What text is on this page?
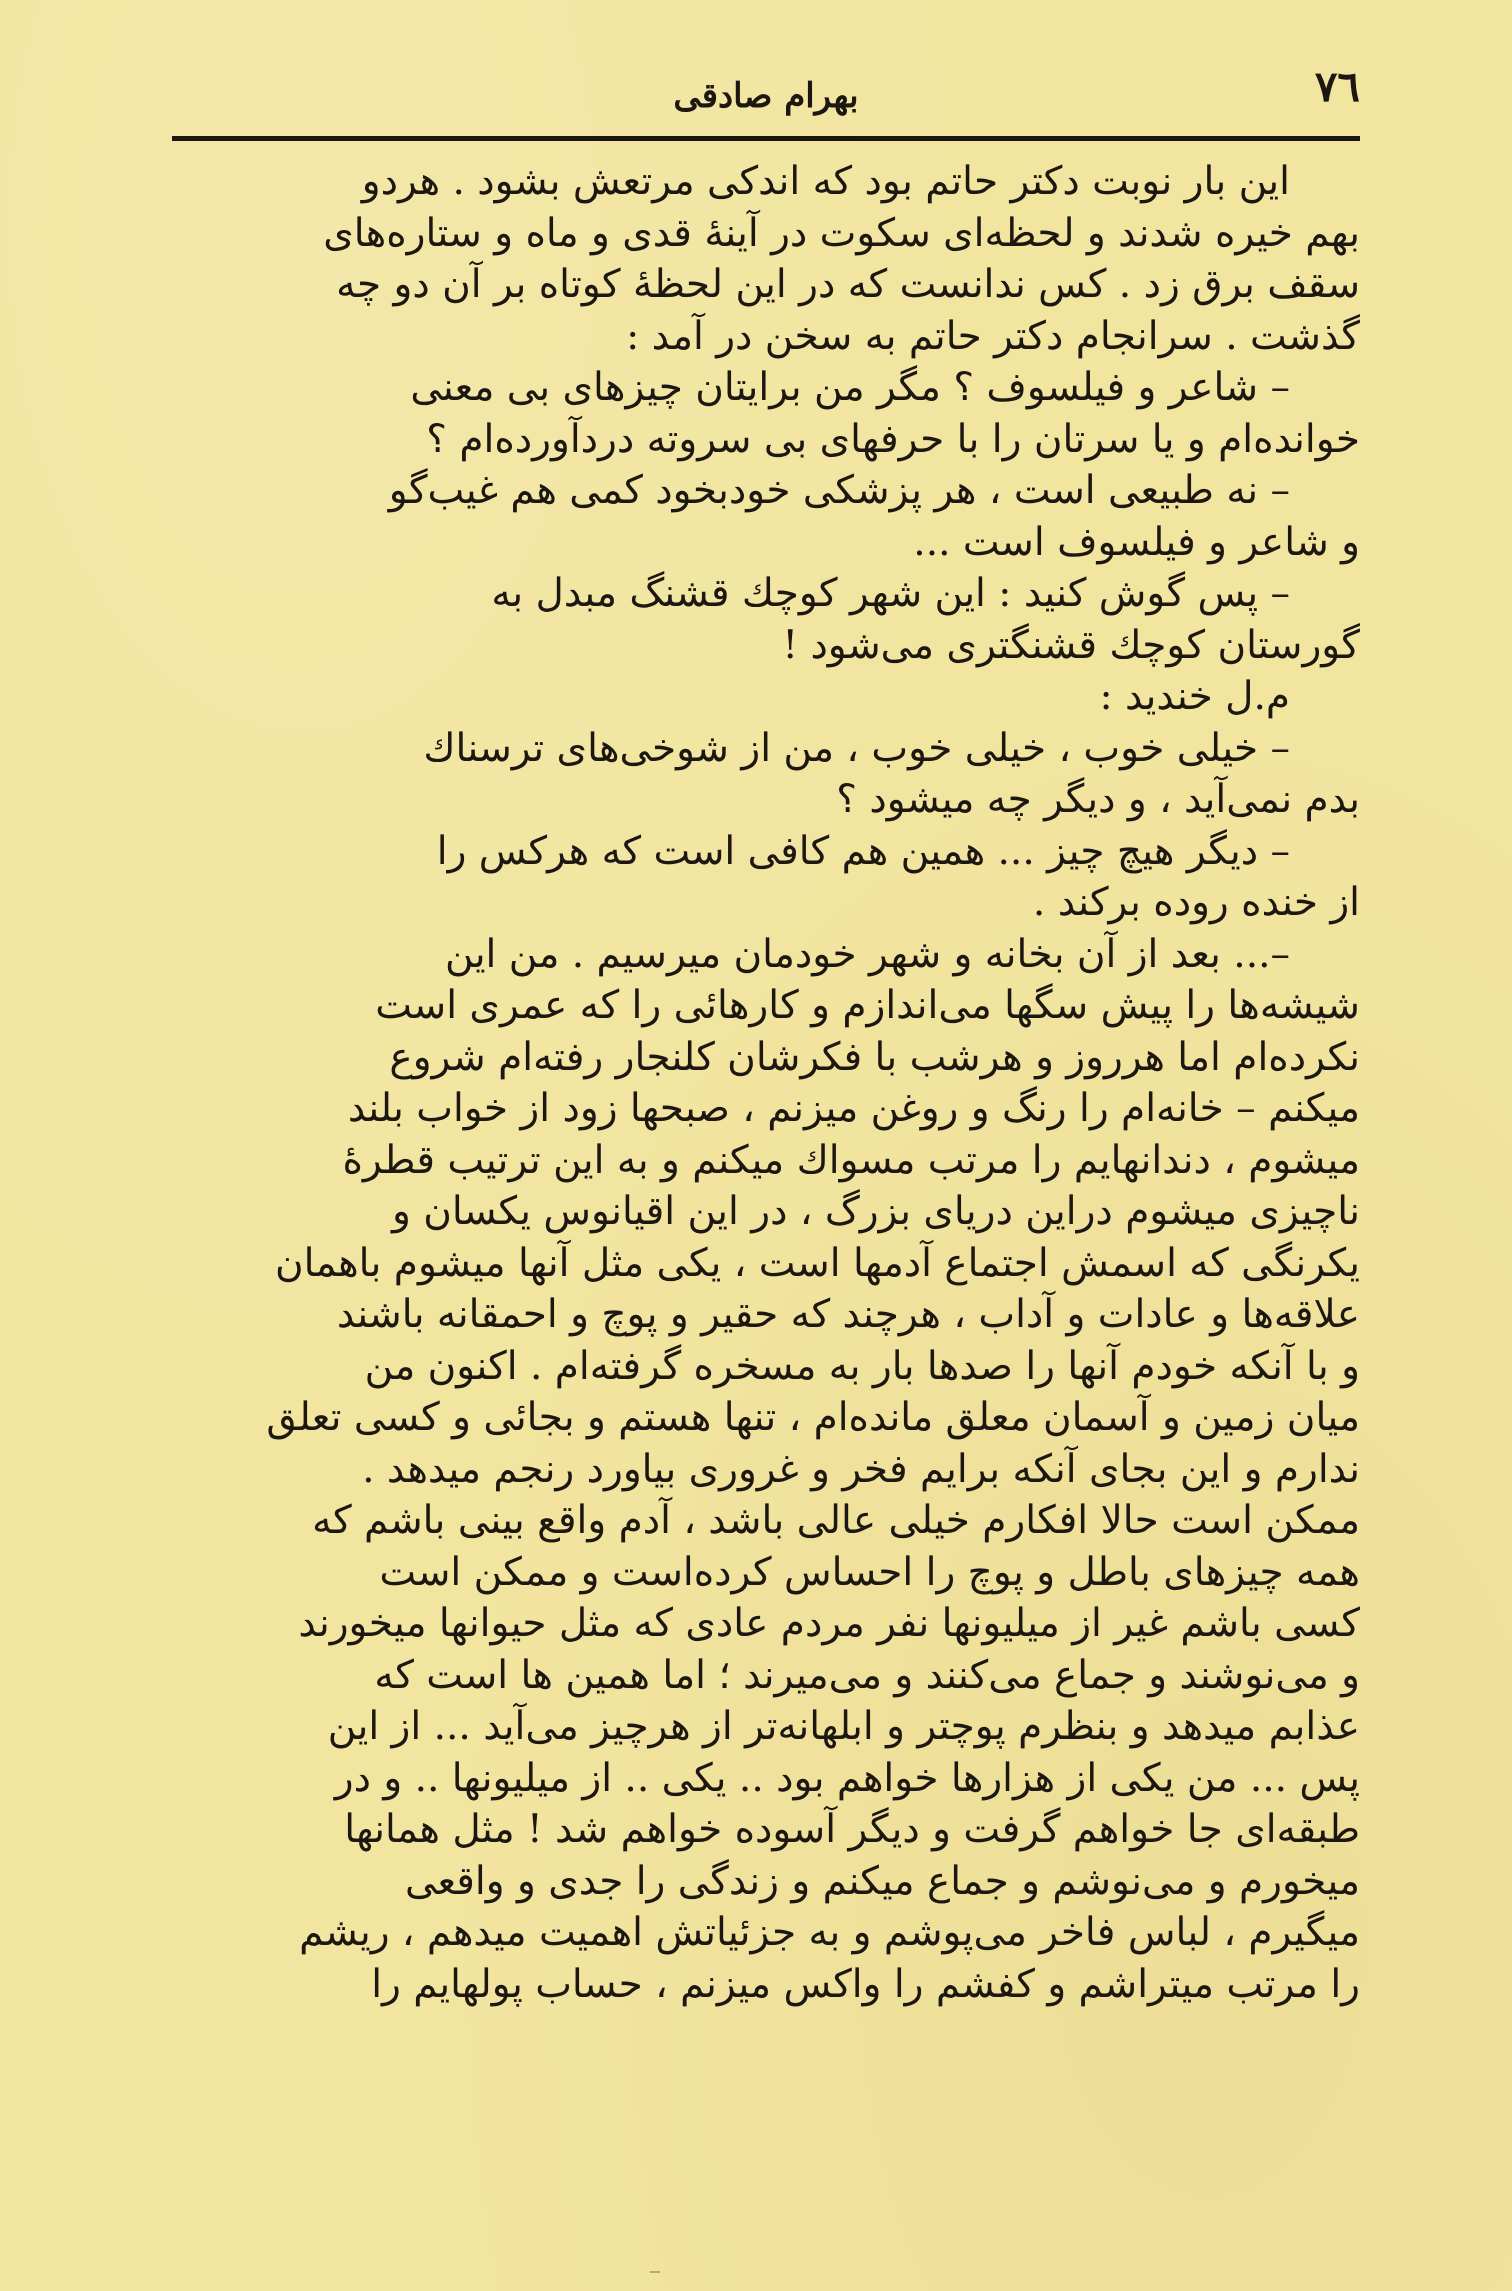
٧٦
بهرام صادقی
این بار نوبت دکتر حاتم بود که اندکی مرتعش بشود . هردو
بهم خیره شدند و لحظه‌ای سکوت در آینهٔ قدی و ماه و ستاره‌های
سقف برق زد . کس ندانست که در این لحظهٔ کوتاه بر آن دو چه
گذشت . سرانجام دکتر حاتم به سخن در آمد :
– شاعر و فیلسوف ؟ مگر من برایتان چیزهای بی معنی
خوانده‌ام و یا سرتان را با حرفهای بی سروته دردآورده‌ام ؟
– نه طبیعی است ، هر پزشکی خودبخود کمی هم غیب‌گو
و شاعر و فیلسوف است ...
– پس گوش کنید : این شهر کوچك قشنگ مبدل به
گورستان کوچك قشنگتری می‌شود !
م.ل خندید :
– خیلی خوب ، خیلی خوب ، من از شوخی‌های ترسناك
بدم نمی‌آید ، و دیگر چه میشود ؟
– دیگر هیچ چیز ... همین هم کافی است که هرکس را
از خنده روده برکند .
–... بعد از آن بخانه و شهر خودمان میرسیم . من این
شیشه‌ها را پیش سگها می‌اندازم و کارهائی را که عمری است
نکرده‌ام اما هرروز و هرشب با فکرشان کلنجار رفته‌ام شروع
میکنم – خانه‌ام را رنگ و روغن میزنم ، صبحها زود از خواب بلند
میشوم ، دندانهایم را مرتب مسواك میکنم و به این ترتیب قطرهٔ
ناچیزی میشوم دراین دریای بزرگ ، در این اقیانوس یکسان و
یکرنگی که اسمش اجتماع آدمها است ، یکی مثل آنها میشوم باهمان
علاقه‌ها و عادات و آداب ، هرچند که حقیر و پوچ و احمقانه باشند
و با آنکه خودم آنها را صدها بار به مسخره گرفته‌ام . اکنون من
میان زمین و آسمان معلق مانده‌ام ، تنها هستم و بجائی و کسی تعلق
ندارم و این بجای آنکه برایم فخر و غروری بیاورد رنجم میدهد .
ممکن است حالا افکارم خیلی عالی باشد ، آدم واقع بینی باشم که
همه چیزهای باطل و پوچ را احساس کرده‌است و ممکن است
کسی باشم غیر از میلیونها نفر مردم عادی که مثل حیوانها میخورند
و می‌نوشند و جماع می‌کنند و می‌میرند ؛ اما همین ها است که
عذابم میدهد و بنظرم پوچتر و ابلهانه‌تر از هرچیز می‌آید ... از این
پس ... من یکی از هزارها خواهم بود .. یکی .. از میلیونها .. و در
طبقه‌ای جا خواهم گرفت و دیگر آسوده خواهم شد ! مثل همانها
میخورم و می‌نوشم و جماع میکنم و زندگی را جدی و واقعی
میگیرم ، لباس فاخر می‌پوشم و به جزئیاتش اهمیت میدهم ، ریشم
را مرتب میتراشم و کفشم را واکس میزنم ، حساب پولهایم را
